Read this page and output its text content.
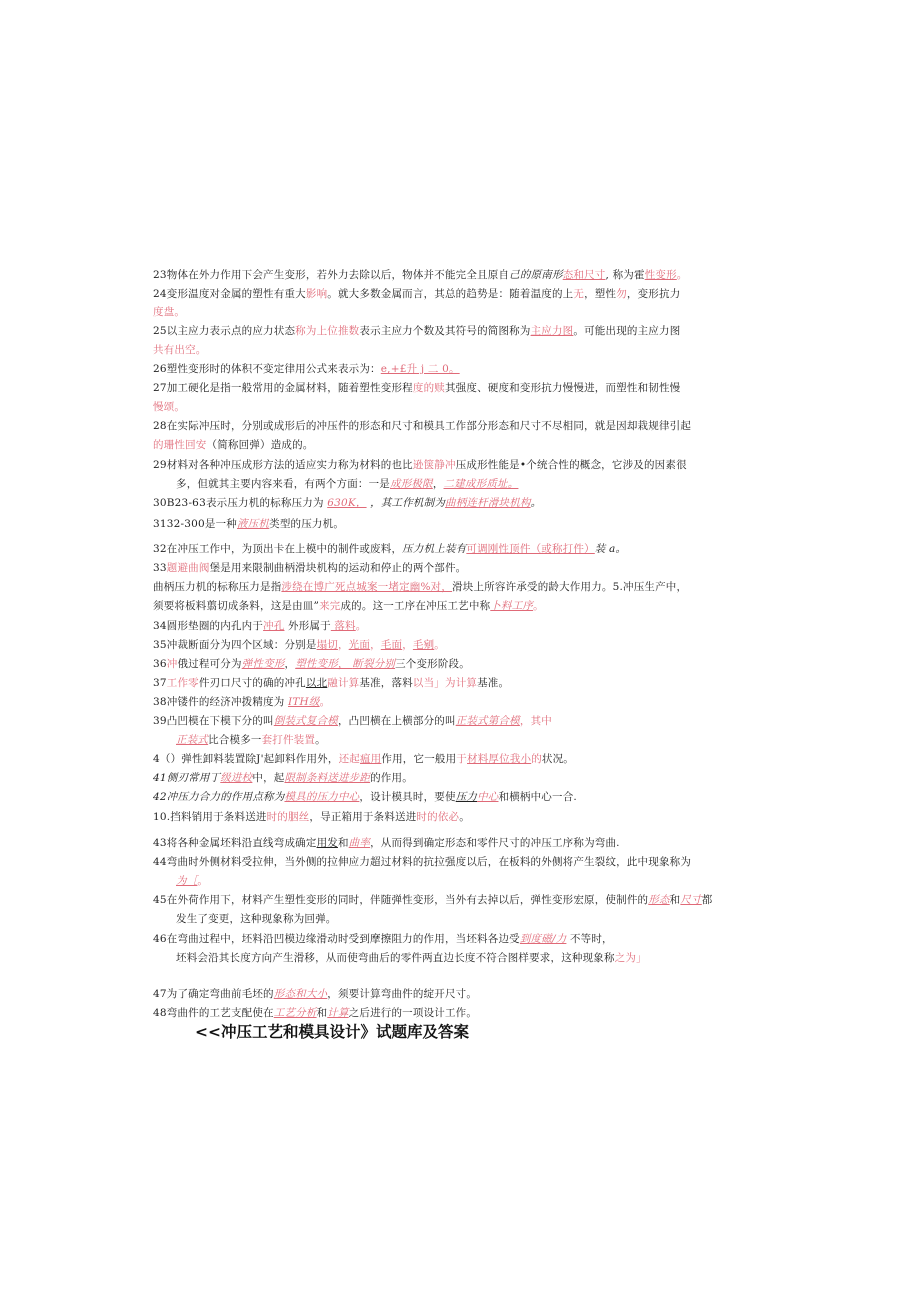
23物体在外力作用下会产生变形，若外力去除以后，物体并不能完全且原自己的原南形态和尺寸, 称为霍性变形。
24变形温度对金属的塑性有重大影响。就大多数金属而言，其总的趋势是：随着温度的上无，塑性勿，变形抗力
度盘。
25以主应力表示点的应力状态称为上位推数表示主应力个数及其符号的简图称为主应力图。可能出现的主应力图
共有出空。
26塑性变形时的体积不变定律用公式来表示为：e,+£升 j 二 0。
27加工硬化是指一般常用的金属材料，随着塑性变形程度的赎其强度、硬度和变形抗力慢慢进，而塑性和韧性慢
慢颂。
28在实际冲压时，分别或成形后的冲压件的形态和尺寸和模具工作部分形态和尺寸不尽相同，就是因却栽规律引起
的珊性回安（简称回弹）造成的。
29材料对各种冲压成形方法的适应实力称为材料的也比逊箧静冲压成形性能是•个统合性的概念，它涉及的因素很
多，但就其主要内容来看，有两个方面：一是成形极限，二建成形质址。
30B23-63表示压力机的标称压力为 630K， ，其工作机制为曲柄连杆滑块机构。
3132-300是一种液压机类型的压力机。
32在冲压工作中，为顶出卡在上模中的制件或废料，压力机上装有可调刚性顶件（或称打件）装 a。
33题避曲阀堡是用来限制曲柄滑块机构的运动和停止的两个部件。
曲柄压力机的标称压力是指涉绕在博广死点城案一堵定幽%对，滑块上所容许承受的龄大作用力。5.冲压生产中，
须要将板料翦切成条料，这是由皿”来完成的。这一工序在冲压工艺中称卜料工序。
34圆形垫圈的内孔内于冲孔 外形属于 落料。
35冲裁断面分为四个区域：分别是塌切，光面，毛面，毛剜。
36冲俄过程可分为弹性变形，塑性变形， 断裂分别三个变形阶段。
37工作零件刃口尺寸的确的冲孔以北融计算基准，落料以当」为计算基准。
38冲镂件的经济冲拨精度为 ITH级。
39凸凹模在下模下分的叫倒装式复合模，凸凹横在上横部分的叫正装式第合模，其中
正装式比合模多一套打件装置。
4（）弹性卸料装置除J'起卸料作用外，还起瘟用作用，它一般用于材料厚位我小的状况。
41侧刃常用丁级进校中，起限制条料送进步距的作用。
42冲压力合力的作用点称为模具的压力中心，设计模具时，要使压力中心和横柄中心一合.
10.挡料销用于条料送进时的胭丝，导正箱用于条料送进时的依必。
43将各种金属坯料沿直线弯成确定用发和曲率，从而得到确定形态和零件尺寸的冲压工序称为弯曲.
44弯曲时外侧材料受拉伸，当外侧的拉伸应力超过材料的抗拉强度以后，在板料的外侧将产生裂纹，此中现象称为
为［。
45在外荷作用下，材料产生塑性变形的同时，伴随弹性变形，当外有去掉以后，弹性变形宏原，使制件的形态和尺寸都
发生了变更，这种现象称为回弹。
46在弯曲过程中，坯料沿凹模边缘滑动时受到摩擦阻力的作用，当坯料各边受到度磁/力 不等时，
坯料会沿其长度方向产生滑移，从而使弯曲后的零件两直边长度不符合图样要求，这种现象称之为」
47为了确定弯曲前毛坯的形态和大小，须要计算弯曲件的绽开尺寸。
48弯曲件的工艺支配使在工艺分析和计算之后进行的一项设计工作。
<<冲压工艺和模具设计》试题库及答案
